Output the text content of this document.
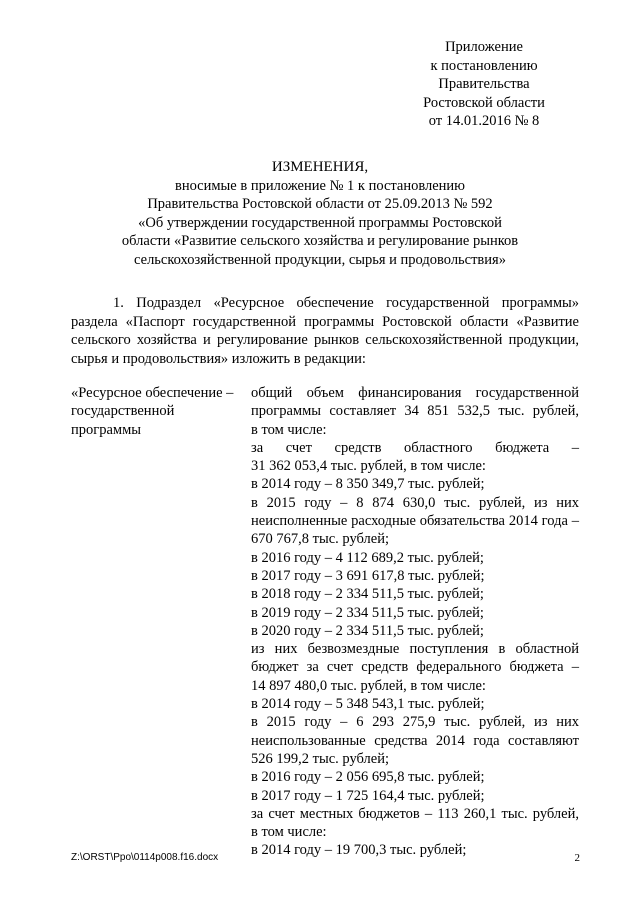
Приложение
к постановлению
Правительства
Ростовской области
от 14.01.2016 № 8
ИЗМЕНЕНИЯ,
вносимые в приложение № 1 к постановлению
Правительства Ростовской области от 25.09.2013 № 592
«Об утверждении государственной программы Ростовской
области «Развитие сельского хозяйства и регулирование рынков
сельскохозяйственной продукции, сырья и продовольствия»
1. Подраздел «Ресурсное обеспечение государственной программы» раздела «Паспорт государственной программы Ростовской области «Развитие сельского хозяйства и регулирование рынков сельскохозяйственной продукции, сырья и продовольствия» изложить в редакции:
«Ресурсное обеспечение –
государственной
программы
общий объем финансирования государственной
программы составляет 34 851 532,5 тыс. рублей,
в том числе:
за счет средств областного бюджета –
31 362 053,4 тыс. рублей, в том числе:
в 2014 году – 8 350 349,7 тыс. рублей;
в 2015 году – 8 874 630,0 тыс. рублей, из них
неисполненные расходные обязательства 2014 года –
670 767,8 тыс. рублей;
в 2016 году – 4 112 689,2 тыс. рублей;
в 2017 году – 3 691 617,8 тыс. рублей;
в 2018 году – 2 334 511,5 тыс. рублей;
в 2019 году – 2 334 511,5 тыс. рублей;
в 2020 году – 2 334 511,5 тыс. рублей;
из них безвозмездные поступления в областной
бюджет за счет средств федерального бюджета –
14 897 480,0 тыс. рублей, в том числе:
в 2014 году – 5 348 543,1 тыс. рублей;
в 2015 году – 6 293 275,9 тыс. рублей, из них
неиспользованные средства 2014 года составляют
526 199,2 тыс. рублей;
в 2016 году – 2 056 695,8 тыс. рублей;
в 2017 году – 1 725 164,4 тыс. рублей;
за счет местных бюджетов – 113 260,1 тыс. рублей,
в том числе:
в 2014 году – 19 700,3 тыс. рублей;
Z:\ORST\Ppo\0114p008.f16.docx	2
